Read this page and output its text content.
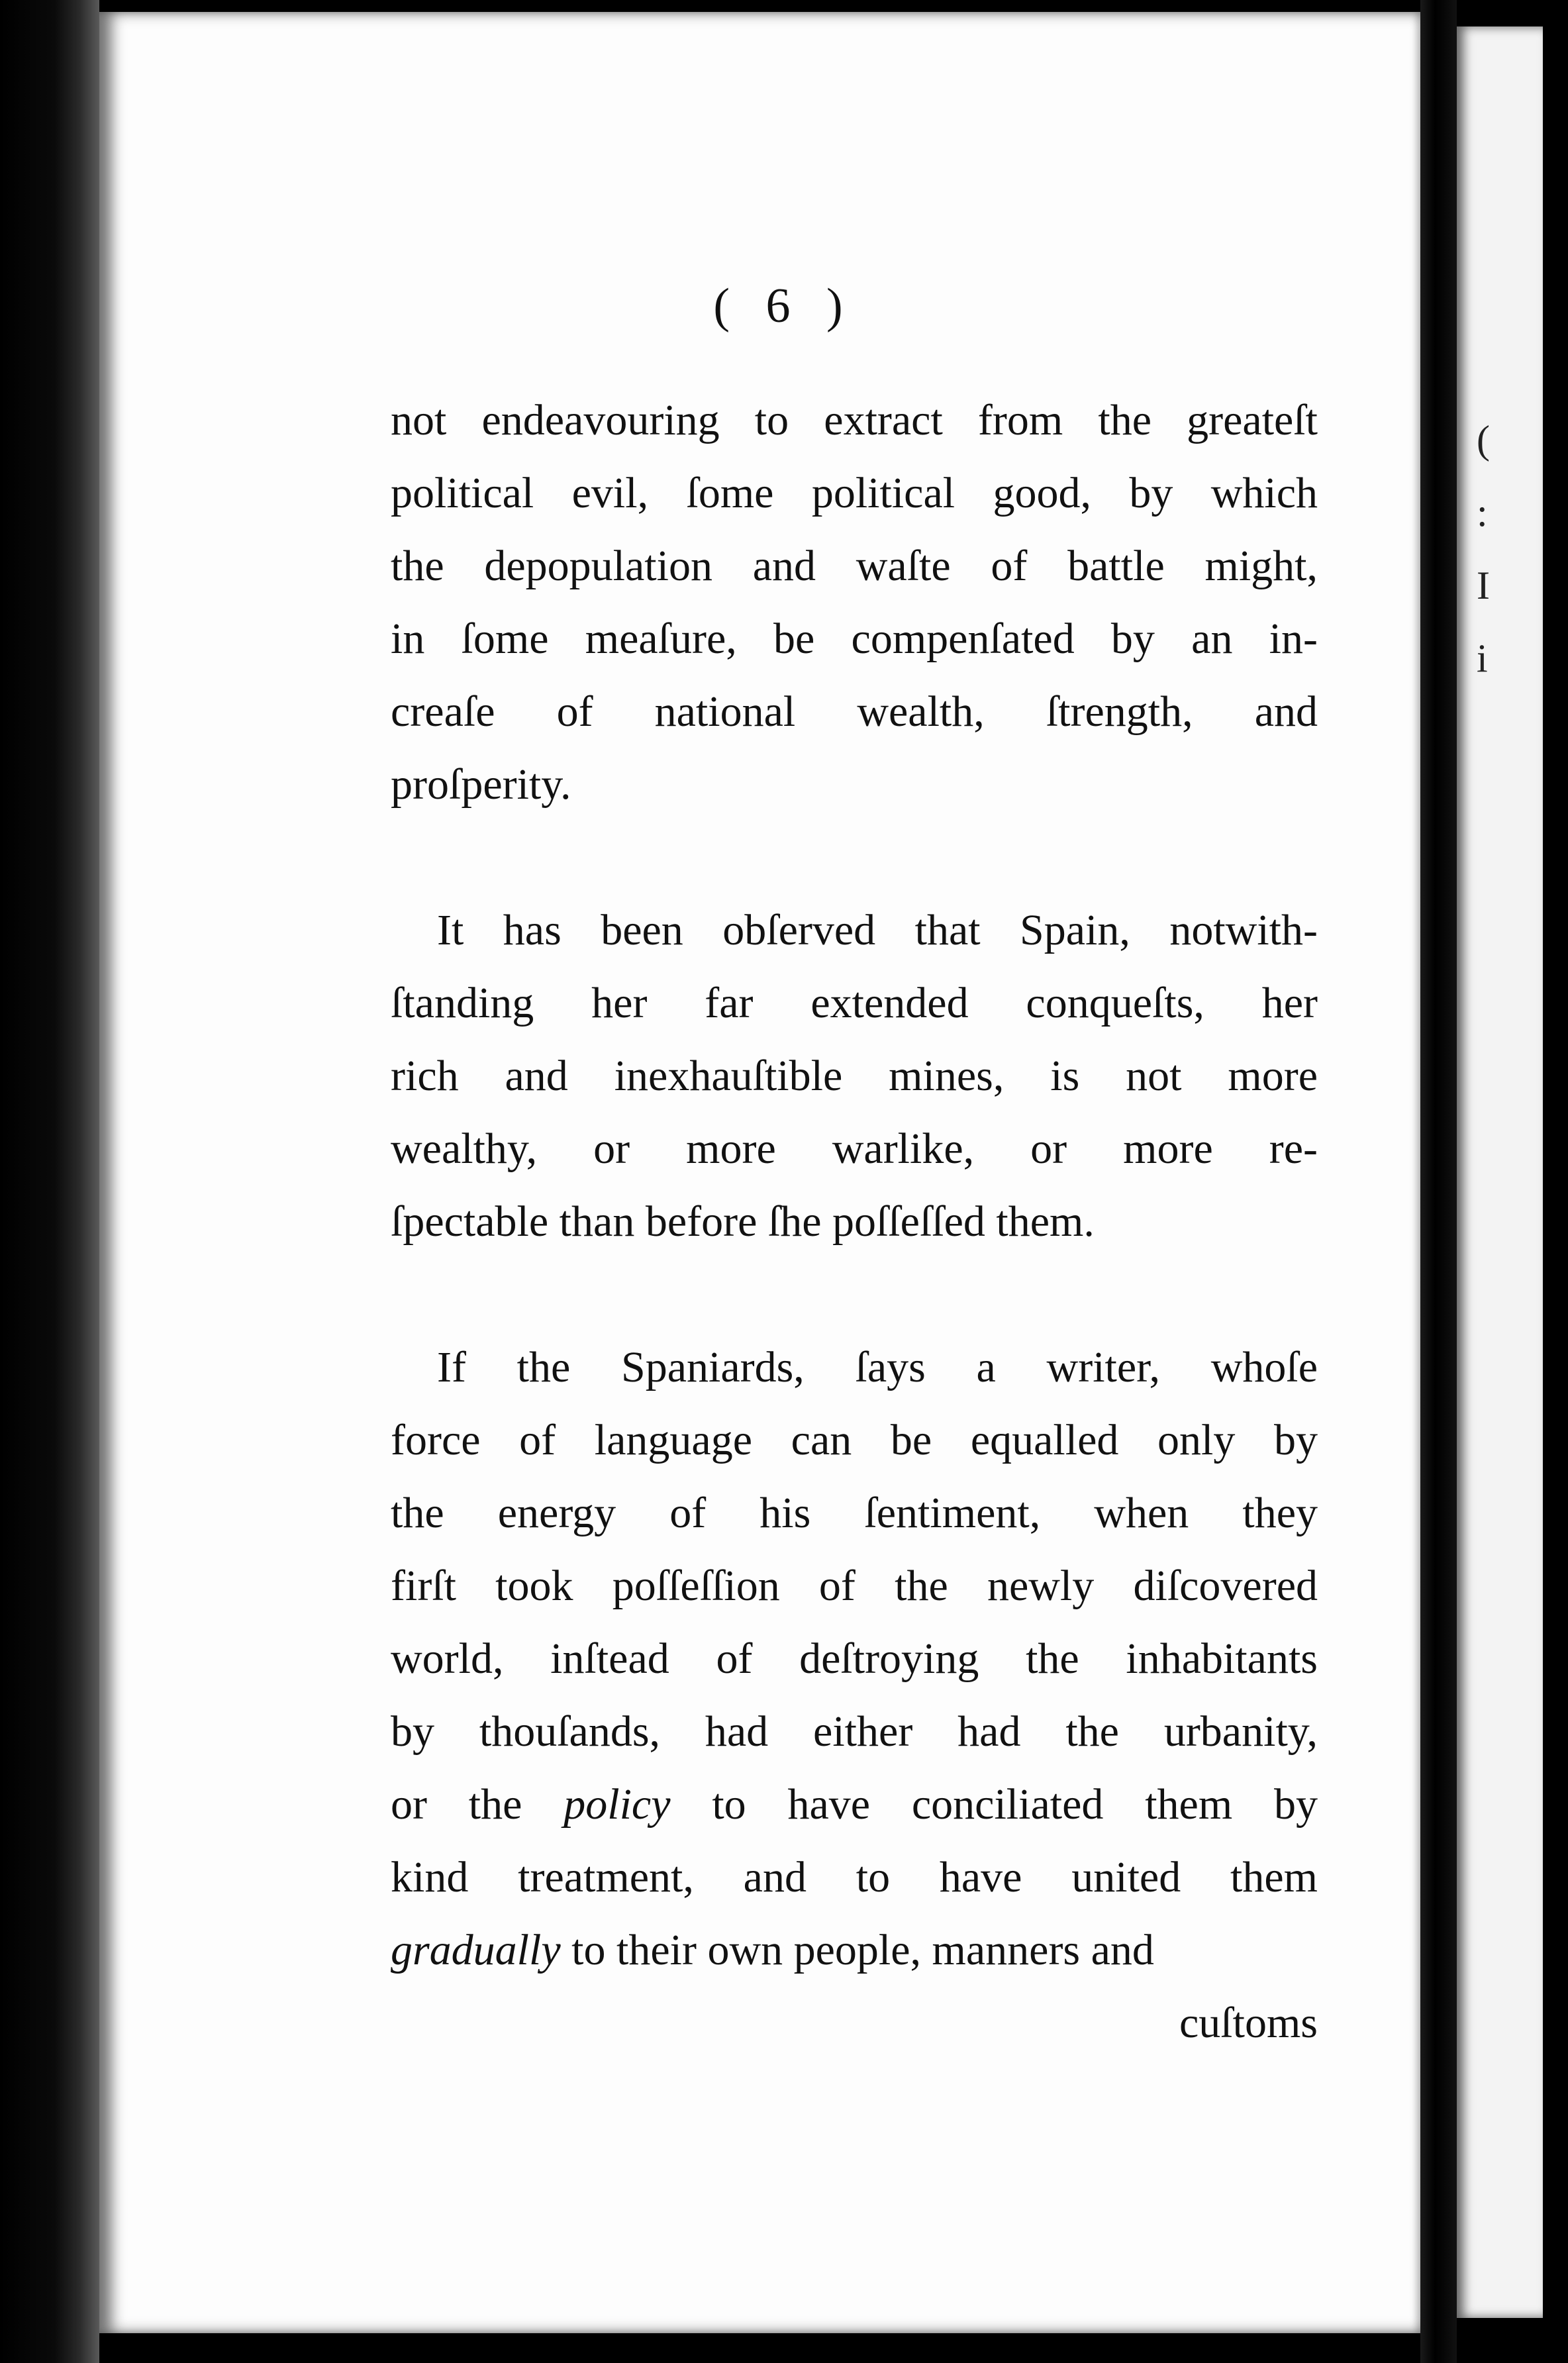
(
:
I
i
( 6 )
not endeavouring to extract from the greateſt
political evil, ſome political good, by which
the depopulation and waſte of battle might,
in ſome meaſure, be compenſated by an in-
creaſe of national wealth, ſtrength, and
proſperity.
It has been obſerved that Spain, notwith-
ſtanding her far extended conqueſts, her
rich and inexhauſtible mines, is not more
wealthy, or more warlike, or more re-
ſpectable than before ſhe poſſeſſed them.
If the Spaniards, ſays a writer, whoſe
force of language can be equalled only by
the energy of his ſentiment, when they
firſt took poſſeſſion of the newly diſcovered
world, inſtead of deſtroying the inhabitants
by thouſands, had either had the urbanity,
or the policy to have conciliated them by
kind treatment, and to have united them
gradually to their own people, manners and
cuſtoms
